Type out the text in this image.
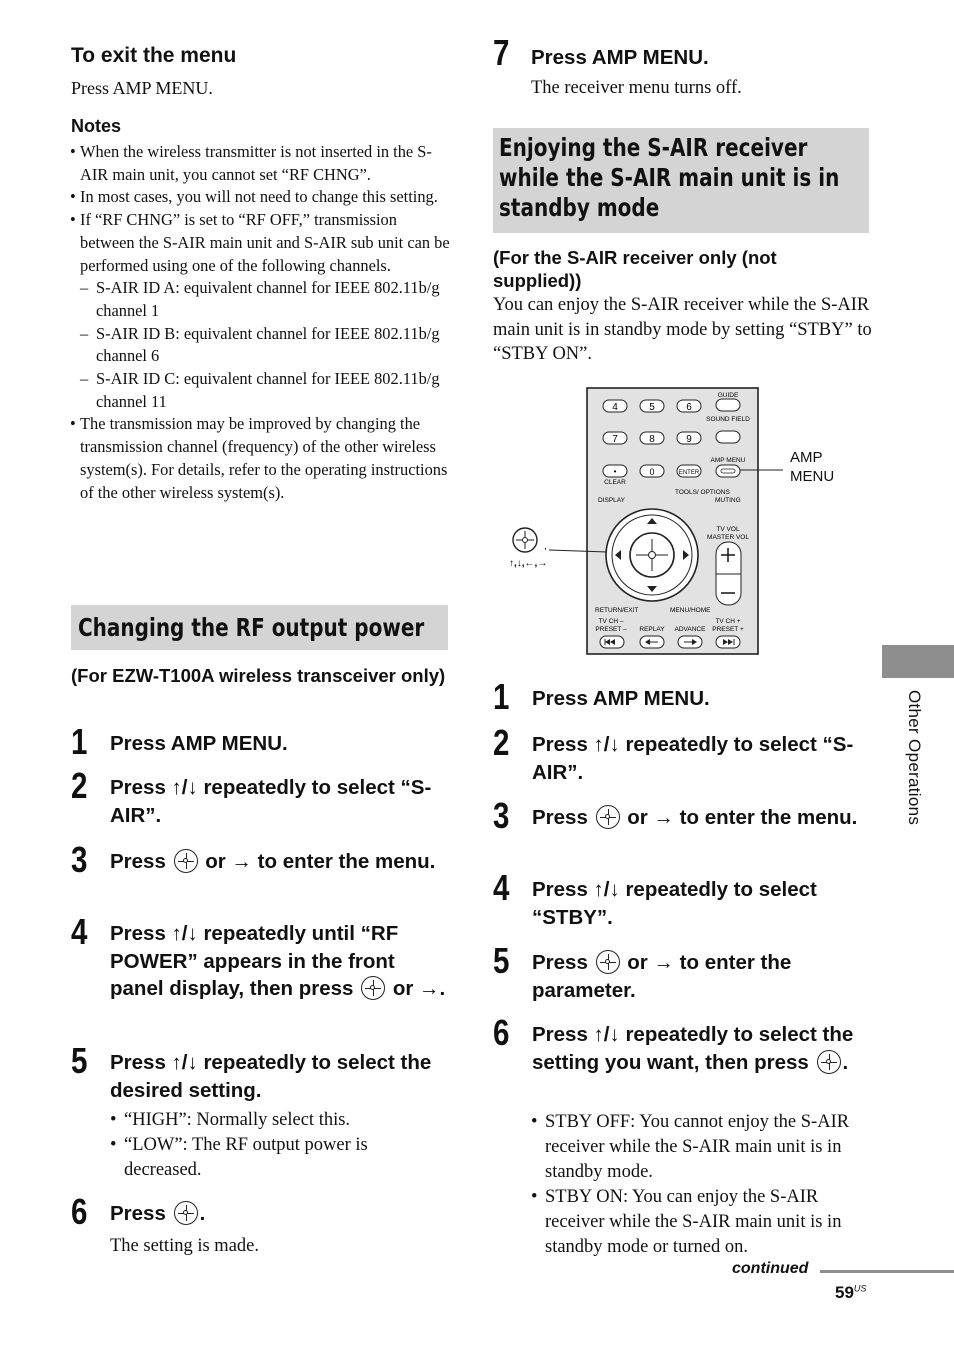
To exit the menu
Press AMP MENU.
Notes
• When the wireless transmitter is not inserted in the S-AIR main unit, you cannot set “RF CHNG”.
• In most cases, you will not need to change this setting.
• If “RF CHNG” is set to “RF OFF,” transmission between the S-AIR main unit and S-AIR sub unit can be performed using one of the following channels.
– S-AIR ID A: equivalent channel for IEEE 802.11b/g channel 1
– S-AIR ID B: equivalent channel for IEEE 802.11b/g channel 6
– S-AIR ID C: equivalent channel for IEEE 802.11b/g channel 11
• The transmission may be improved by changing the transmission channel (frequency) of the other wireless system(s). For details, refer to the operating instructions of the other wireless system(s).
Changing the RF output power
(For EZW-T100A wireless transceiver only)
1 Press AMP MENU.
2 Press ↑/↓ repeatedly to select “S-AIR”.
3 Press or → to enter the menu.
4 Press ↑/↓ repeatedly until “RF POWER” appears in the front panel display, then press or →.
5 Press ↑/↓ repeatedly to select the desired setting.
6 Press .
• “HIGH”: Normally select this.
• “LOW”: The RF output power is decreased.
The setting is made.
7 Press AMP MENU.
The receiver menu turns off.
Enjoying the S-AIR receiver
while the S-AIR main unit is in
standby mode
(For the S-AIR receiver only (not supplied))
You can enjoy the S-AIR receiver while the S-AIR main unit is in standby mode by setting “STBY” to “STBY ON”.
4	5	6
7	8	9
0	ENTER
•
GUIDE
SOUND FIELD
AMP MENU
CLEAR
DISPLAY
TOOLS/ OPTIONS
MUTING
TV VOL
MASTER VOL
RETURN/EXIT	MENU/HOME
TV CH –
PRESET – REPLAY ADVANCE
TV CH +
PRESET +
,
↑,↓,←,→
AMP MENU
1 Press AMP MENU.
2 Press ↑/↓ repeatedly to select “S-AIR”.
3 Press or → to enter the menu.
4 Press ↑/↓ repeatedly to select “STBY”.
5 Press or → to enter the parameter.
6 Press ↑/↓ repeatedly to select the setting you want, then press .
• STBY OFF: You cannot enjoy the S-AIR receiver while the S-AIR main unit is in standby mode.
• STBY ON: You can enjoy the S-AIR receiver while the S-AIR main unit is in standby mode or turned on.
Other Operations
continued
$59^{US}$
